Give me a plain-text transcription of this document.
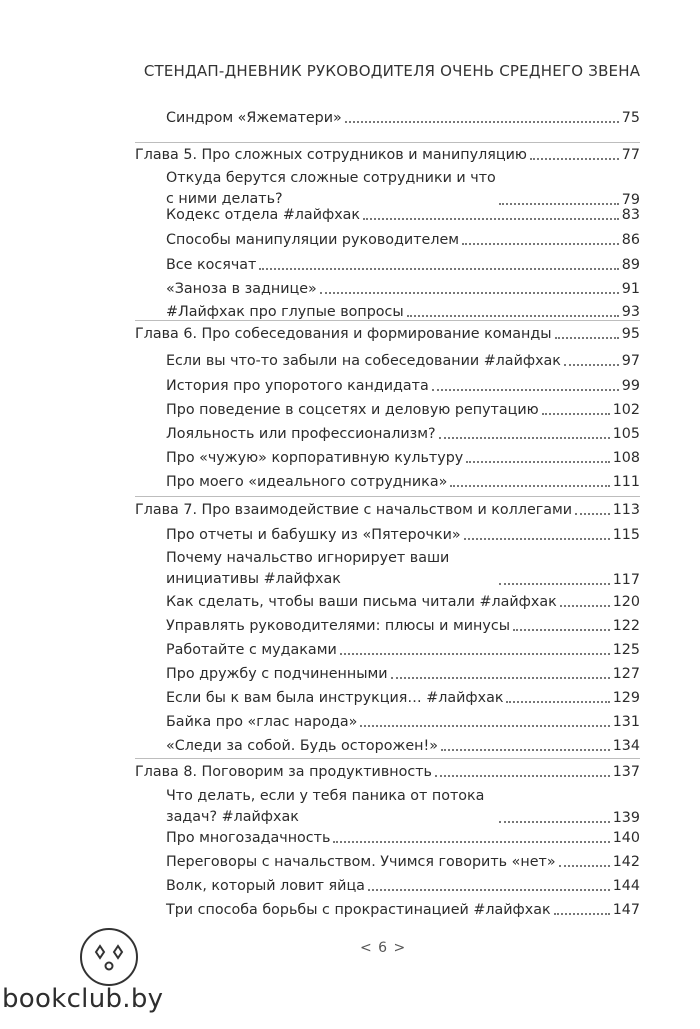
СТЕНДАП-ДНЕВНИК РУКОВОДИТЕЛЯ ОЧЕНЬ СРЕДНЕГО ЗВЕНА
Синдром «Яжематери»	75
Глава 5. Про сложных сотрудников и манипуляцию	77
Откуда берутся сложные сотрудники и что с ними делать?	79
Кодекс отдела #лайфхак	83
Способы манипуляции руководителем	86
Все косячат	89
«Заноза в заднице»	91
#Лайфхак про глупые вопросы	93
Глава 6. Про собеседования и формирование команды	95
Если вы что-то забыли на собеседовании #лайфхак	97
История про упоротого кандидата	99
Про поведение в соцсетях и деловую репутацию	102
Лояльность или профессионализм?	105
Про «чужую» корпоративную культуру	108
Про моего «идеального сотрудника»	111
Глава 7. Про взаимодействие с начальством и коллегами	113
Про отчеты и бабушку из «Пятерочки»	115
Почему начальство игнорирует ваши инициативы #лайфхак	117
Как сделать, чтобы ваши письма читали #лайфхак	120
Управлять руководителями: плюсы и минусы	122
Работайте с мудаками	125
Про дружбу с подчиненными	127
Если бы к вам была инструкция… #лайфхак	129
Байка про «глас народа»	131
«Следи за собой. Будь осторожен!»	134
Глава 8. Поговорим за продуктивность	137
Что делать, если у тебя паника от потока задач? #лайфхак	139
Про многозадачность	140
Переговоры с начальством. Учимся говорить «нет»	142
Волк, который ловит яйца	144
Три способа борьбы с прокрастинацией #лайфхак	147
< 6 >
bookclub.by
